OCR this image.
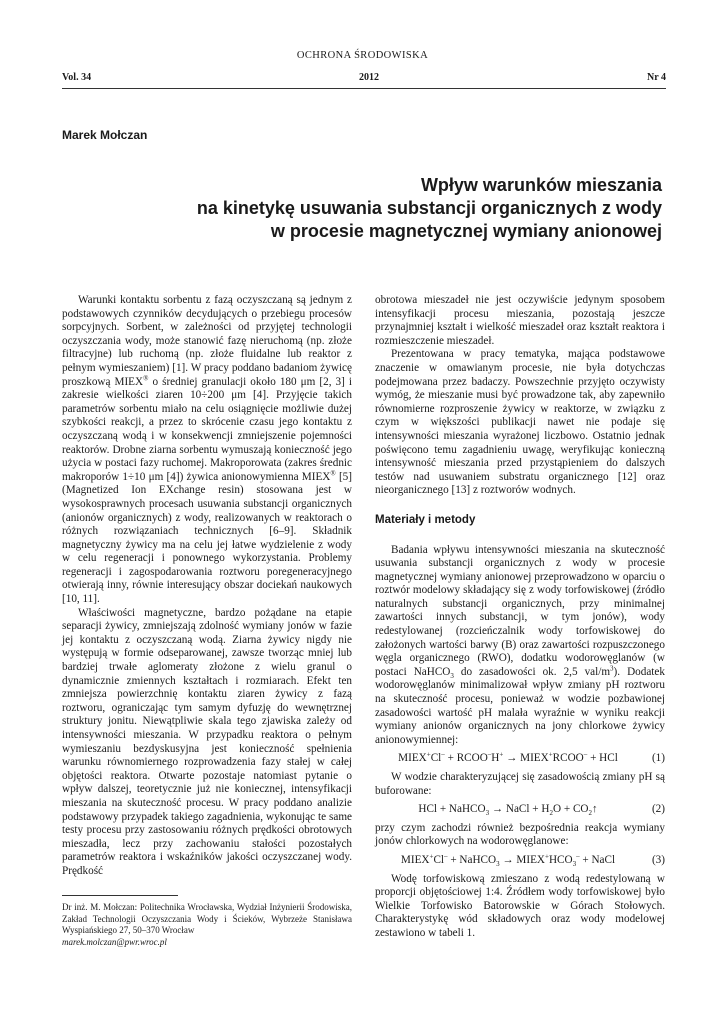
OCHRONA ŚRODOWISKA
Vol. 34	2012	Nr 4
Marek Mołczan
Wpływ warunków mieszania
na kinetykę usuwania substancji organicznych z wody
w procesie magnetycznej wymiany anionowej

Warunki kontaktu sorbentu z fazą oczyszczaną są jednym z podstawowych czynników decydujących o przebiegu procesów sorpcyjnych. Sorbent, w zależności od przyjętej technologii oczyszczania wody, może stanowić fazę nieruchomą (np. złoże filtracyjne) lub ruchomą (np. złoże fluidalne lub reaktor z pełnym wymieszaniem) [1]. W pracy poddano badaniom żywicę proszkową MIEX® o średniej granulacji około 180 μm [2, 3] i zakresie wielkości ziaren 10÷200 μm [4]. Przyjęcie takich parametrów sorbentu miało na celu osiągnięcie możliwie dużej szybkości reakcji, a przez to skrócenie czasu jego kontaktu z oczyszczaną wodą i w konsekwencji zmniejszenie pojemności reaktorów. Drobne ziarna sorbentu wymuszają konieczność jego użycia w postaci fazy ruchomej. Makroporowata (zakres średnic makroporów 1÷10 μm [4]) żywica anionowymienna MIEX® [5] (Magnetized Ion EXchange resin) stosowana jest w wysokosprawnych procesach usuwania substancji organicznych (anionów organicznych) z wody, realizowanych w reaktorach o różnych rozwiązaniach technicznych [6–9]. Składnik magnetyczny żywicy ma na celu jej łatwe wydzielenie z wody w celu regeneracji i ponownego wykorzystania. Problemy regeneracji i zagospodarowania roztworu poregeneracyjnego otwierają inny, równie interesujący obszar dociekań naukowych [10, 11].

Właściwości magnetyczne, bardzo pożądane na etapie separacji żywicy, zmniejszają zdolność wymiany jonów w fazie jej kontaktu z oczyszczaną wodą. Ziarna żywicy nigdy nie występują w formie odseparowanej, zawsze tworząc mniej lub bardziej trwałe aglomeraty złożone z wielu granul o dynamicznie zmiennych kształtach i rozmiarach. Efekt ten zmniejsza powierzchnię kontaktu ziaren żywicy z fazą roztworu, ograniczając tym samym dyfuzję do wewnętrznej struktury jonitu. Niewątpliwie skala tego zjawiska zależy od intensywności mieszania. W przypadku reaktora o pełnym wymieszaniu bezdyskusyjna jest konieczność spełnienia warunku równomiernego rozprowadzenia fazy stałej w całej objętości reaktora. Otwarte pozostaje natomiast pytanie o wpływ dalszej, teoretycznie już nie koniecznej, intensyfikacji mieszania na skuteczność procesu. W pracy poddano analizie podstawowy przypadek takiego zagadnienia, wykonując te same testy procesu przy zastosowaniu różnych prędkości obrotowych mieszadła, lecz przy zachowaniu stałości pozostałych parametrów reaktora i wskaźników jakości oczyszczanej wody. Prędkość

obrotowa mieszadeł nie jest oczywiście jedynym sposobem intensyfikacji procesu mieszania, pozostają jeszcze przynajmniej kształt i wielkość mieszadeł oraz kształt reaktora i rozmieszczenie mieszadeł.

Prezentowana w pracy tematyka, mająca podstawowe znaczenie w omawianym procesie, nie była dotychczas podejmowana przez badaczy. Powszechnie przyjęto oczywisty wymóg, że mieszanie musi być prowadzone tak, aby zapewniło równomierne rozproszenie żywicy w reaktorze, w związku z czym w większości publikacji nawet nie podaje się intensywności mieszania wyrażonej liczbowo. Ostatnio jednak poświęcono temu zagadnieniu uwagę, weryfikując konieczną intensywność mieszania przed przystąpieniem do dalszych testów nad usuwaniem substratu organicznego [12] oraz nieorganicznego [13] z roztworów wodnych.

Materiały i metody

Badania wpływu intensywności mieszania na skuteczność usuwania substancji organicznych z wody w procesie magnetycznej wymiany anionowej przeprowadzono w oparciu o roztwór modelowy składający się z wody torfowiskowej (źródło naturalnych substancji organicznych, przy minimalnej zawartości innych substancji, w tym jonów), wody redestylowanej (rozcieńczalnik wody torfowiskowej do założonych wartości barwy (B) oraz zawartości rozpuszczonego węgla organicznego (RWO), dodatku wodorowęglanów (w postaci NaHCO$_3$ do zasadowości ok. 2,5 val/$m^3$). Dodatek wodorowęglanów minimalizował wpływ zmiany pH roztworu na skuteczność procesu, ponieważ w wodzie pozbawionej zasadowości wartość pH malała wyraźnie w wyniku reakcji wymiany anionów organicznych na jony chlorkowe żywicy anionowymiennej:

MIEX+Cl– + RCOO–H+ → MIEX+RCOO– + HCl	(1)

W wodzie charakteryzującej się zasadowością zmiany pH są buforowane:

HCl + NaHCO$_3$ → NaCl + $H_2O$ + $CO_2↑$	(2)

przy czym zachodzi również bezpośrednia reakcja wymiany jonów chlorkowych na wodorowęglanowe:

MIEX+Cl– + NaHCO$_3$ → $MIEX^+HCO_3^-$ + NaCl	(3)

Wodę torfowiskową zmieszano z wodą redestylowaną w proporcji objętościowej 1:4. Źródłem wody torfowiskowej było Wielkie Torfowisko Batorowskie w Górach Stołowych. Charakterystykę wód składowych oraz wody modelowej zestawiono w tabeli 1.

Dr inż. M. Mołczan: Politechnika Wrocławska, Wydział Inżynierii Środowiska, Zakład Technologii Oczyszczania Wody i Ścieków, Wybrzeże Stanisława Wyspiańskiego 27, 50–370 Wrocław
marek.molczan@pwr.wroc.pl
